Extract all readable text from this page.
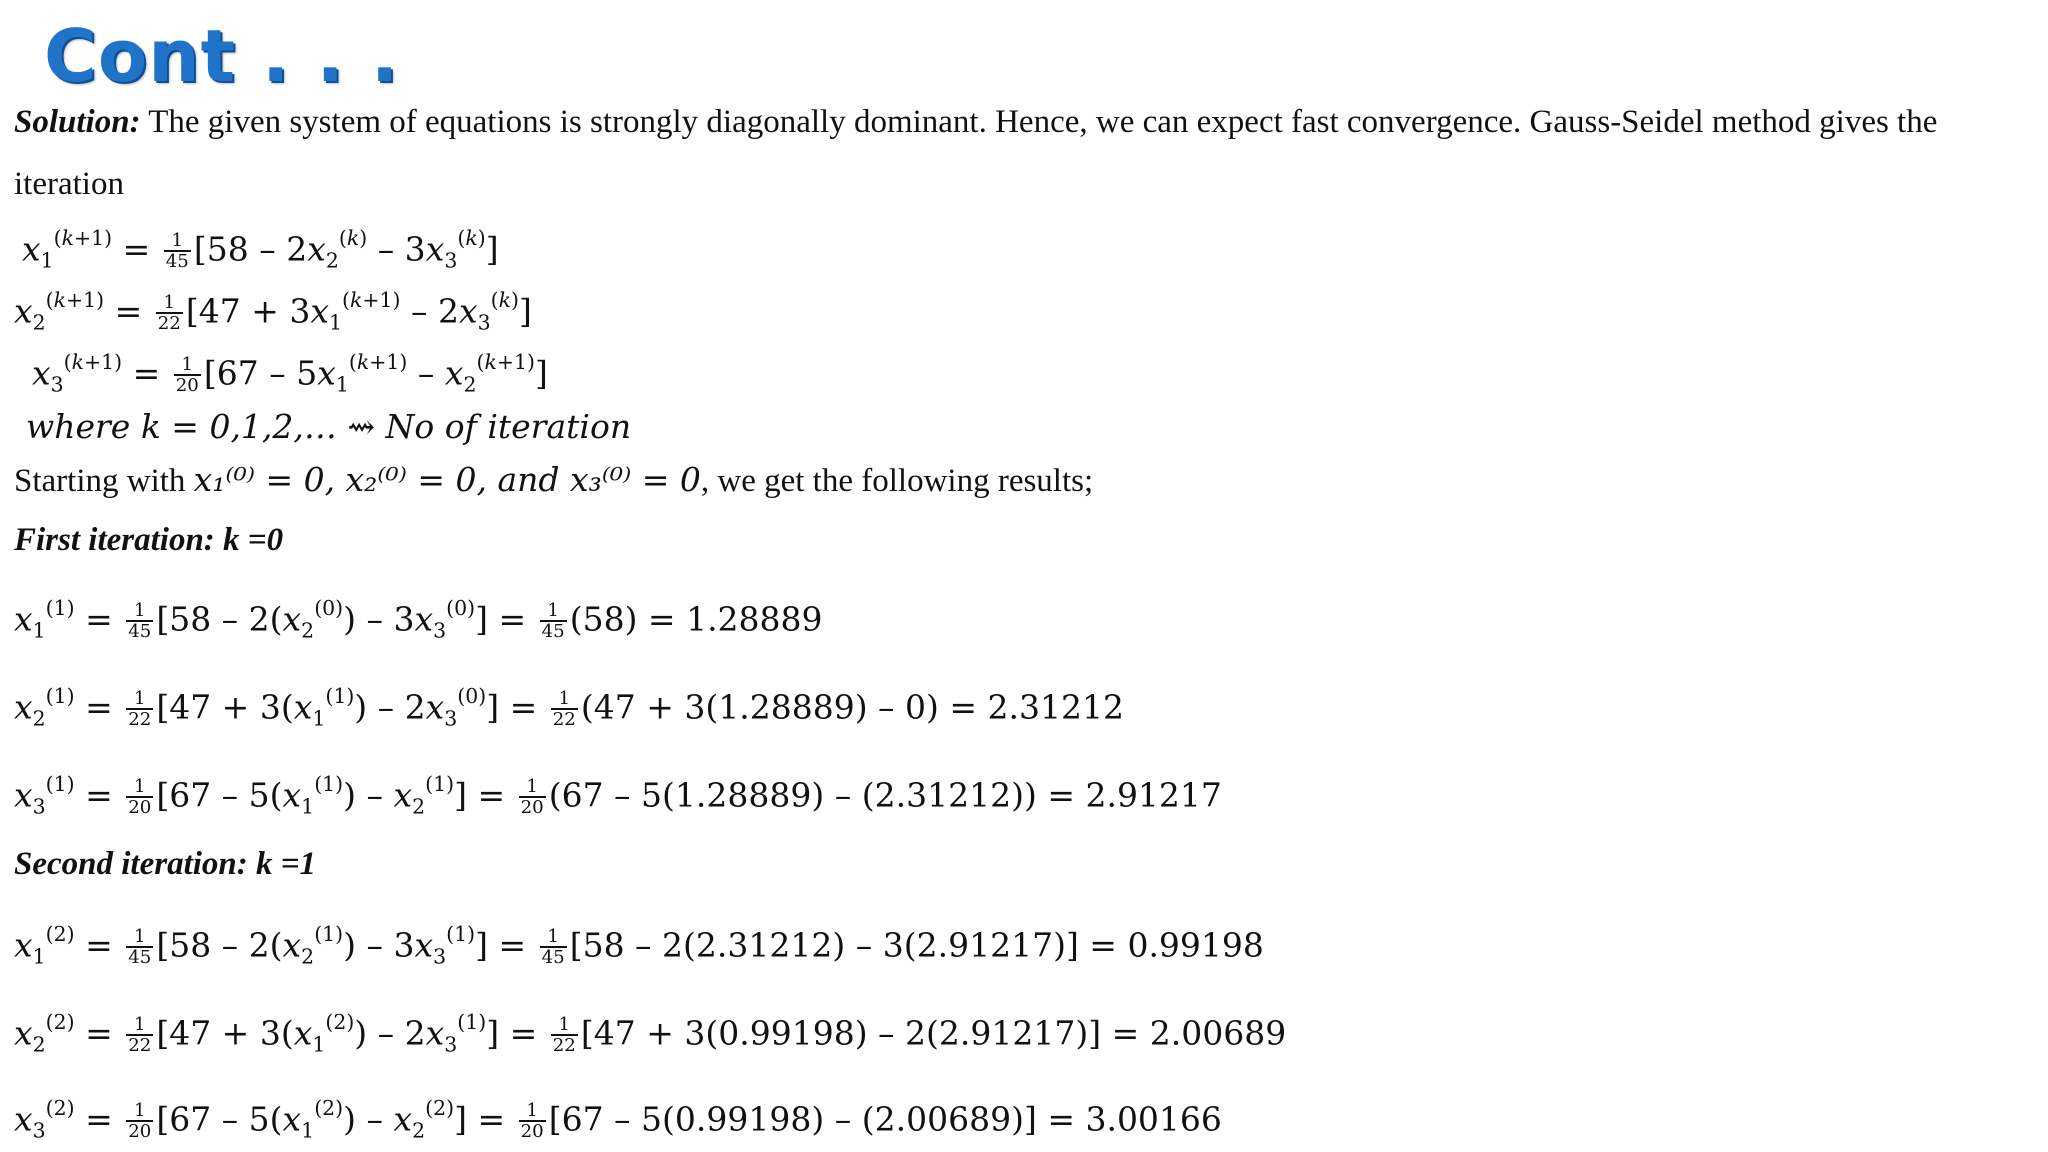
Cont . . .
Solution: The given system of equations is strongly diagonally dominant. Hence, we can expect fast convergence. Gauss-Seidel method gives the
iteration
$x_1^{(k+1)} = \frac{1}{45} [58 - 2x_2^{(k)} - 3x_3^{(k)}]$
$x_2^{(k+1)} = \frac{1}{22} [47 + 3x_1^{(k+1)} - 2x_3^{(k)}]$
$x_3^{(k+1)} = \frac{1}{20} [67 - 5x_1^{(k+1)} - x_2^{(k+1)}]$
where k = 0,1,2,… ⇝ No of iteration
Starting with x₁⁽⁰⁾ = 0, x₂⁽⁰⁾ = 0, and x₃⁽⁰⁾ = 0, we get the following results;
First iteration: k =0
$x_1^{(1)} = \frac{1}{45} [58 - 2(x_2^{(0)}) - 3x_3^{(0)}] = \frac{1}{45} (58) = 1.28889$
$x_2^{(1)} = \frac{1}{22} [47 + 3(x_1^{(1)}) - 2x_3^{(0)}] = \frac{1}{22} (47 + 3(1.28889) - 0) = 2.31212$
$x_3^{(1)} = \frac{1}{20} [67 - 5(x_1^{(1)}) - x_2^{(1)}] = \frac{1}{20} (67 - 5(1.28889) - (2.31212)) = 2.91217$
Second iteration: k =1
$x_1^{(2)} = \frac{1}{45} [58 - 2(x_2^{(1)}) - 3x_3^{(1)}] = \frac{1}{45} [58 - 2(2.31212) - 3(2.91217)] = 0.99198$
$x_2^{(2)} = \frac{1}{22} [47 + 3(x_1^{(2)}) - 2x_3^{(1)}] = \frac{1}{22} [47 + 3(0.99198) - 2(2.91217)] = 2.00689$
$x_3^{(2)} = \frac{1}{20} [67 - 5(x_1^{(2)}) - x_2^{(2)}] = \frac{1}{20} [67 - 5(0.99198) - (2.00689)] = 3.00166$
